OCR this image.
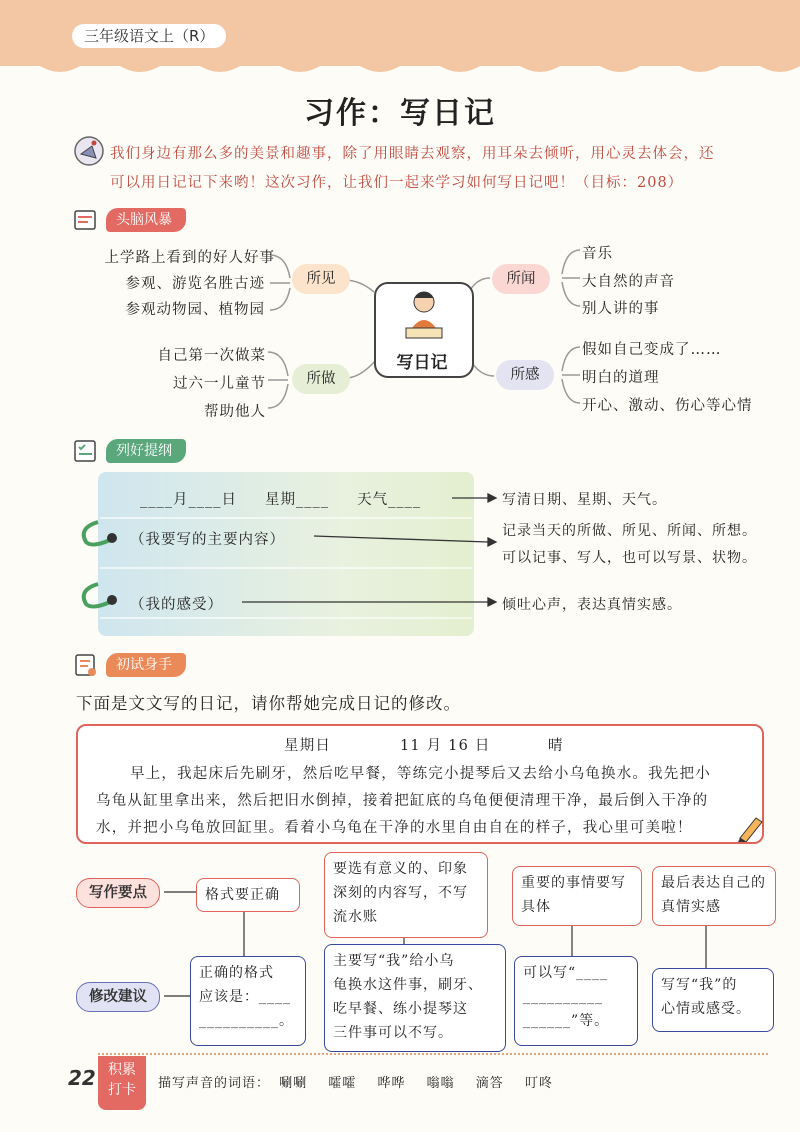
三年级语文上（R）
习作：写日记
我们身边有那么多的美景和趣事，除了用眼睛去观察，用耳朵去倾听，用心灵去体会，还
可以用日记记下来哟！这次习作，让我们一起来学习如何写日记吧！（目标：208）
头脑风暴
上学路上看到的好人好事
参观、游览名胜古迹
参观动物园、植物园
所见
音乐
大自然的声音
别人讲的事
所闻
自己第一次做菜
过六一儿童节
帮助他人
所做
假如自己变成了……
明白的道理
开心、激动、伤心等心情
所感
写日记
列好提纲
____月____日 星期____     天气____
（我要写的主要内容）
（我的感受）
写清日期、星期、天气。
记录当天的所做、所见、所闻、所想。
可以记事、写人，也可以写景、状物。
倾吐心声，表达真情实感。
初试身手
下面是文文写的日记，请你帮她完成日记的修改。
星期日	11 月 16 日	晴
早上，我起床后先刷牙，然后吃早餐，等练完小提琴后又去给小乌龟换水。我先把小
乌龟从缸里拿出来，然后把旧水倒掉，接着把缸底的乌龟便便清理干净，最后倒入干净的
水，并把小乌龟放回缸里。看着小乌龟在干净的水里自由自在的样子，我心里可美啦！
写作要点
修改建议
格式要正确
要选有意义的、印象深刻的内容写，不写流水账
重要的事情要写具体
最后表达自己的真情实感
正确的格式
应该是：____
__________。
主要写“我”给小乌
龟换水这件事，刷牙、
吃早餐、练小提琴这
三件事可以不写。
可以写“____
__________
______”等。
写写“我”的
心情或感受。
22 积累
打卡	描写声音的词语： 唰唰 嚯嚯 哗哗 嗡嗡 滴答 叮咚
